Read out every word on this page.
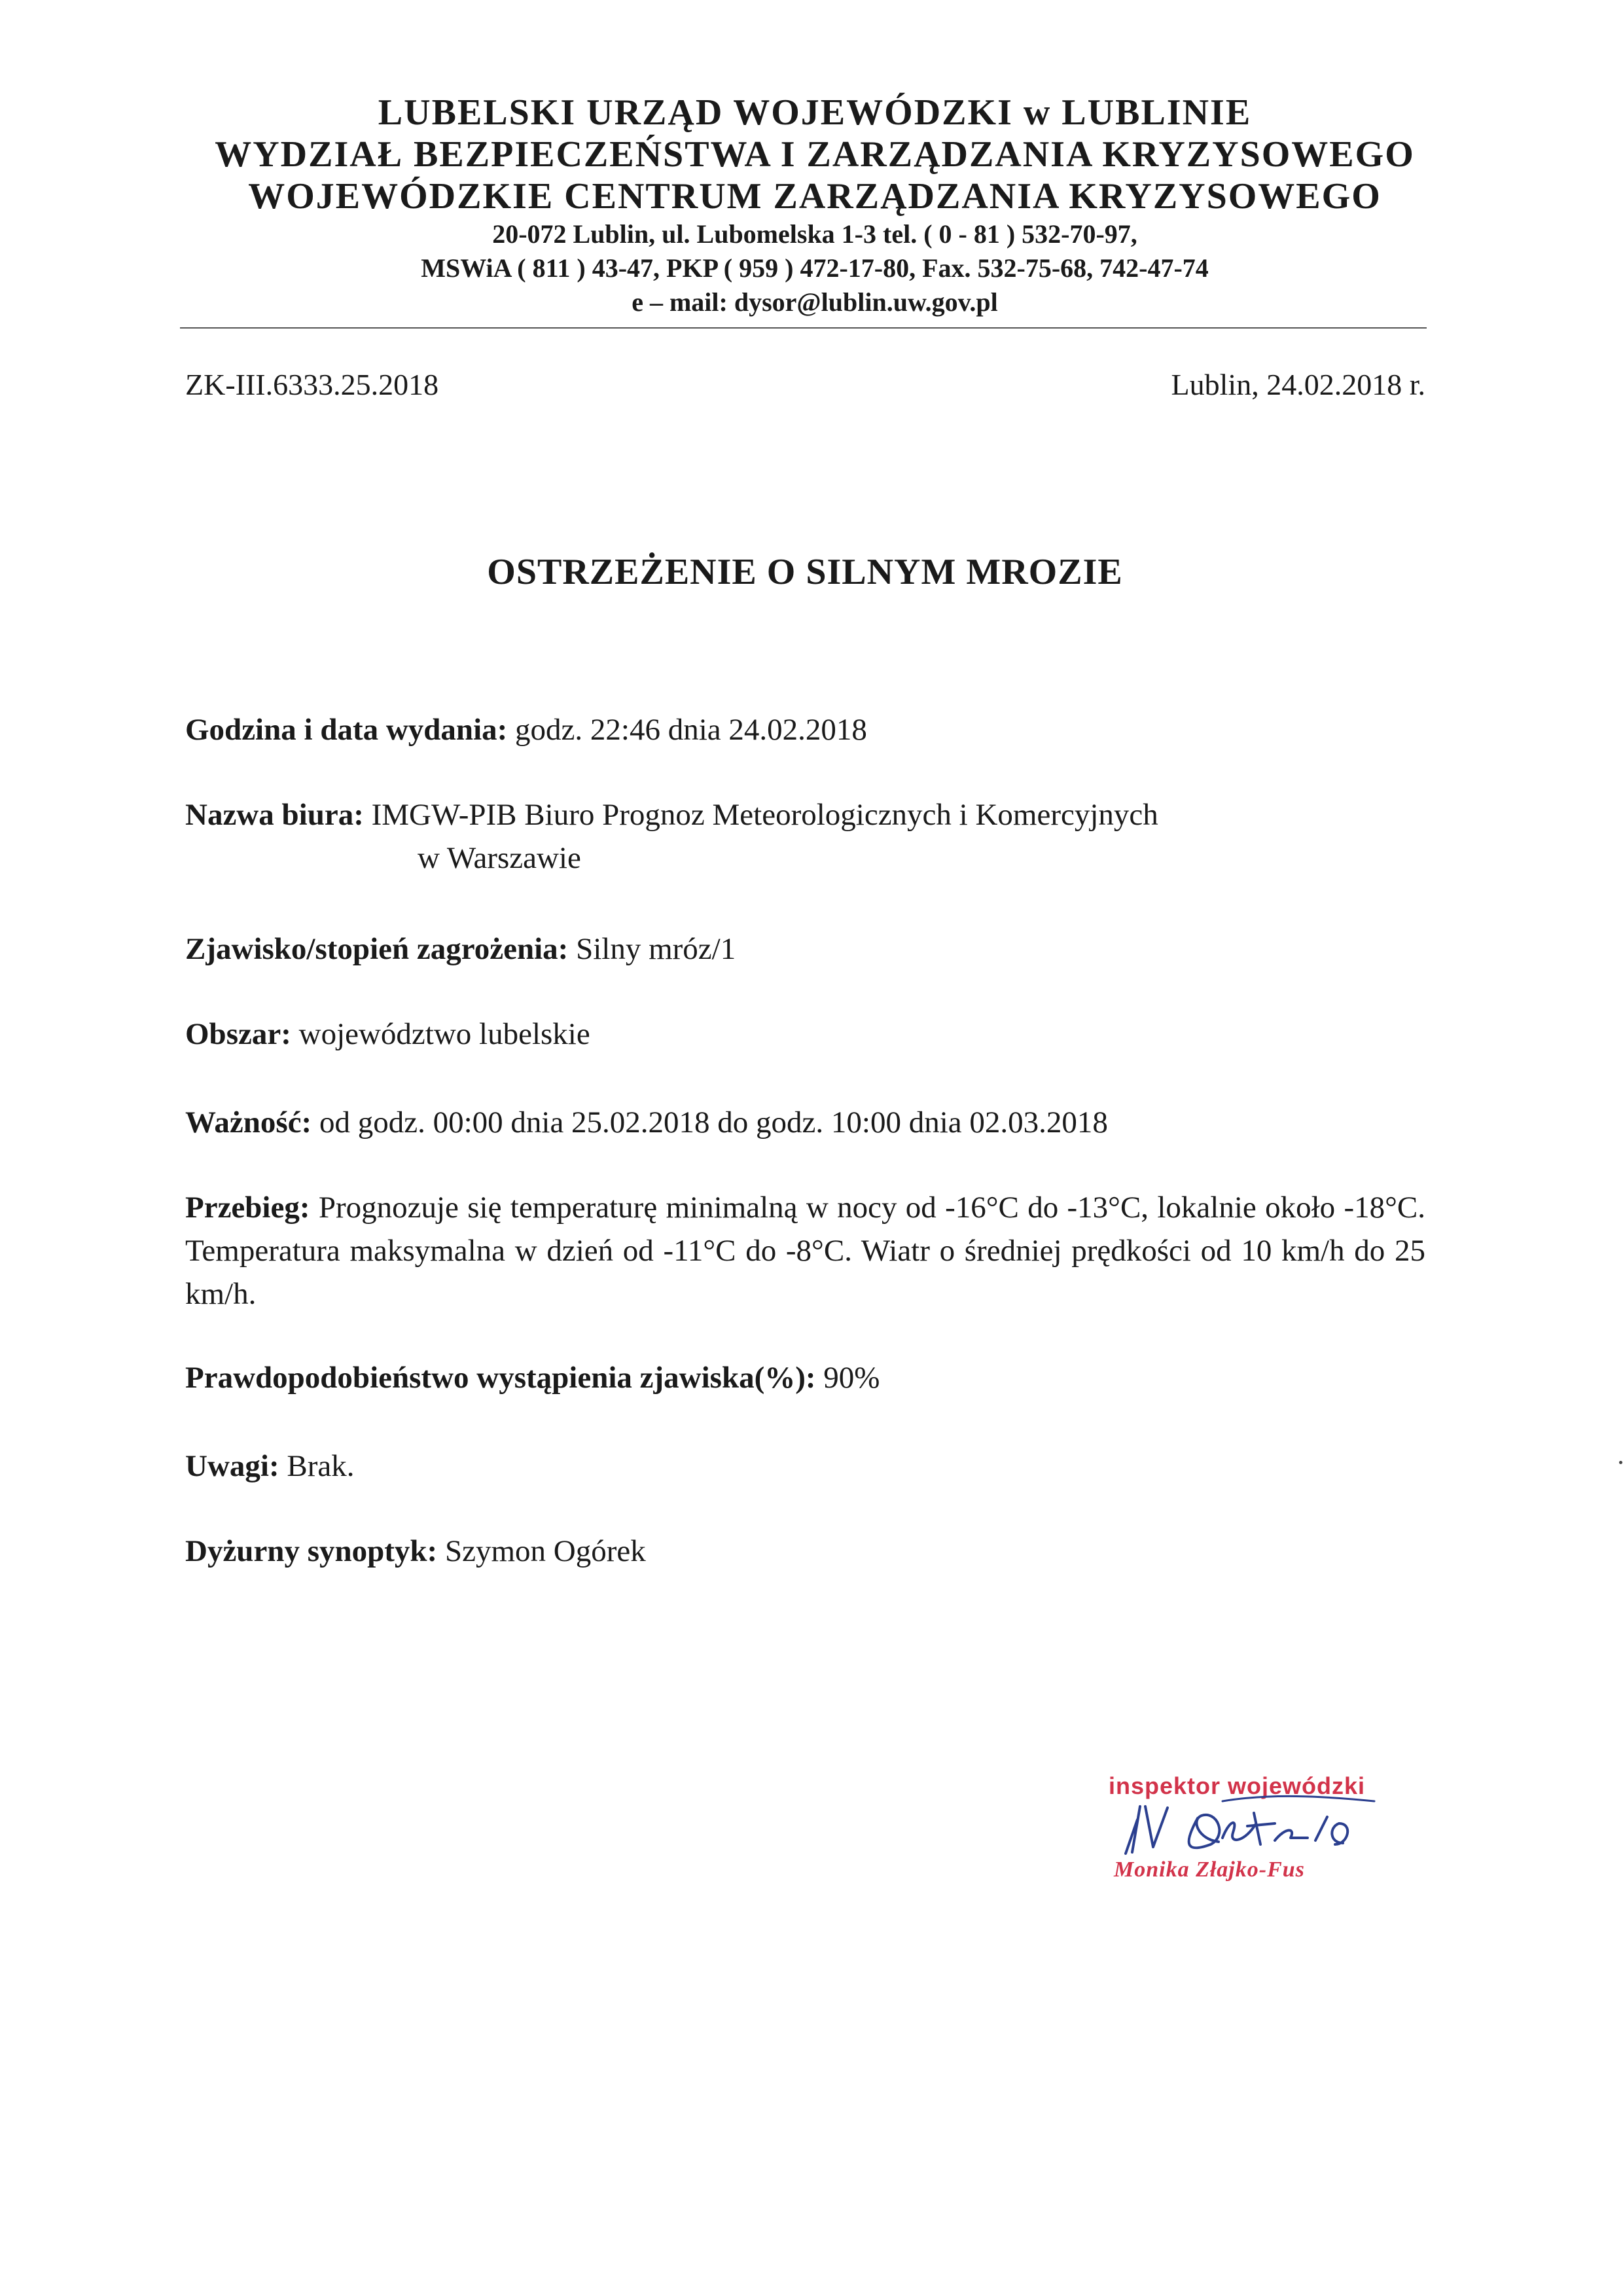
LUBELSKI URZĄD WOJEWÓDZKI w LUBLINIE
WYDZIAŁ BEZPIECZEŃSTWA I ZARZĄDZANIA KRYZYSOWEGO
WOJEWÓDZKIE CENTRUM ZARZĄDZANIA KRYZYSOWEGO
20-072 Lublin, ul. Lubomelska 1-3 tel. ( 0 - 81 ) 532-70-97,
MSWiA ( 811 ) 43-47, PKP ( 959 ) 472-17-80, Fax. 532-75-68, 742-47-74
e – mail: dysor@lublin.uw.gov.pl
ZK-III.6333.25.2018	Lublin, 24.02.2018 r.
OSTRZEŻENIE O SILNYM MROZIE
Godzina i data wydania: godz. 22:46 dnia 24.02.2018
Nazwa biura: IMGW-PIB Biuro Prognoz Meteorologicznych i Komercyjnych
w Warszawie
Zjawisko/stopień zagrożenia: Silny mróz/1
Obszar: województwo lubelskie
Ważność: od godz. 00:00 dnia 25.02.2018 do godz. 10:00 dnia 02.03.2018
Przebieg: Prognozuje się temperaturę minimalną w nocy od -16°C do -13°C, lokalnie około -18°C. Temperatura maksymalna w dzień od -11°C do -8°C. Wiatr o średniej prędkości od 10 km/h do 25 km/h.
Prawdopodobieństwo wystąpienia zjawiska(%): 90%
Uwagi: Brak.
Dyżurny synoptyk: Szymon Ogórek
inspektor wojewódzki
Monika Złajko-Fus
